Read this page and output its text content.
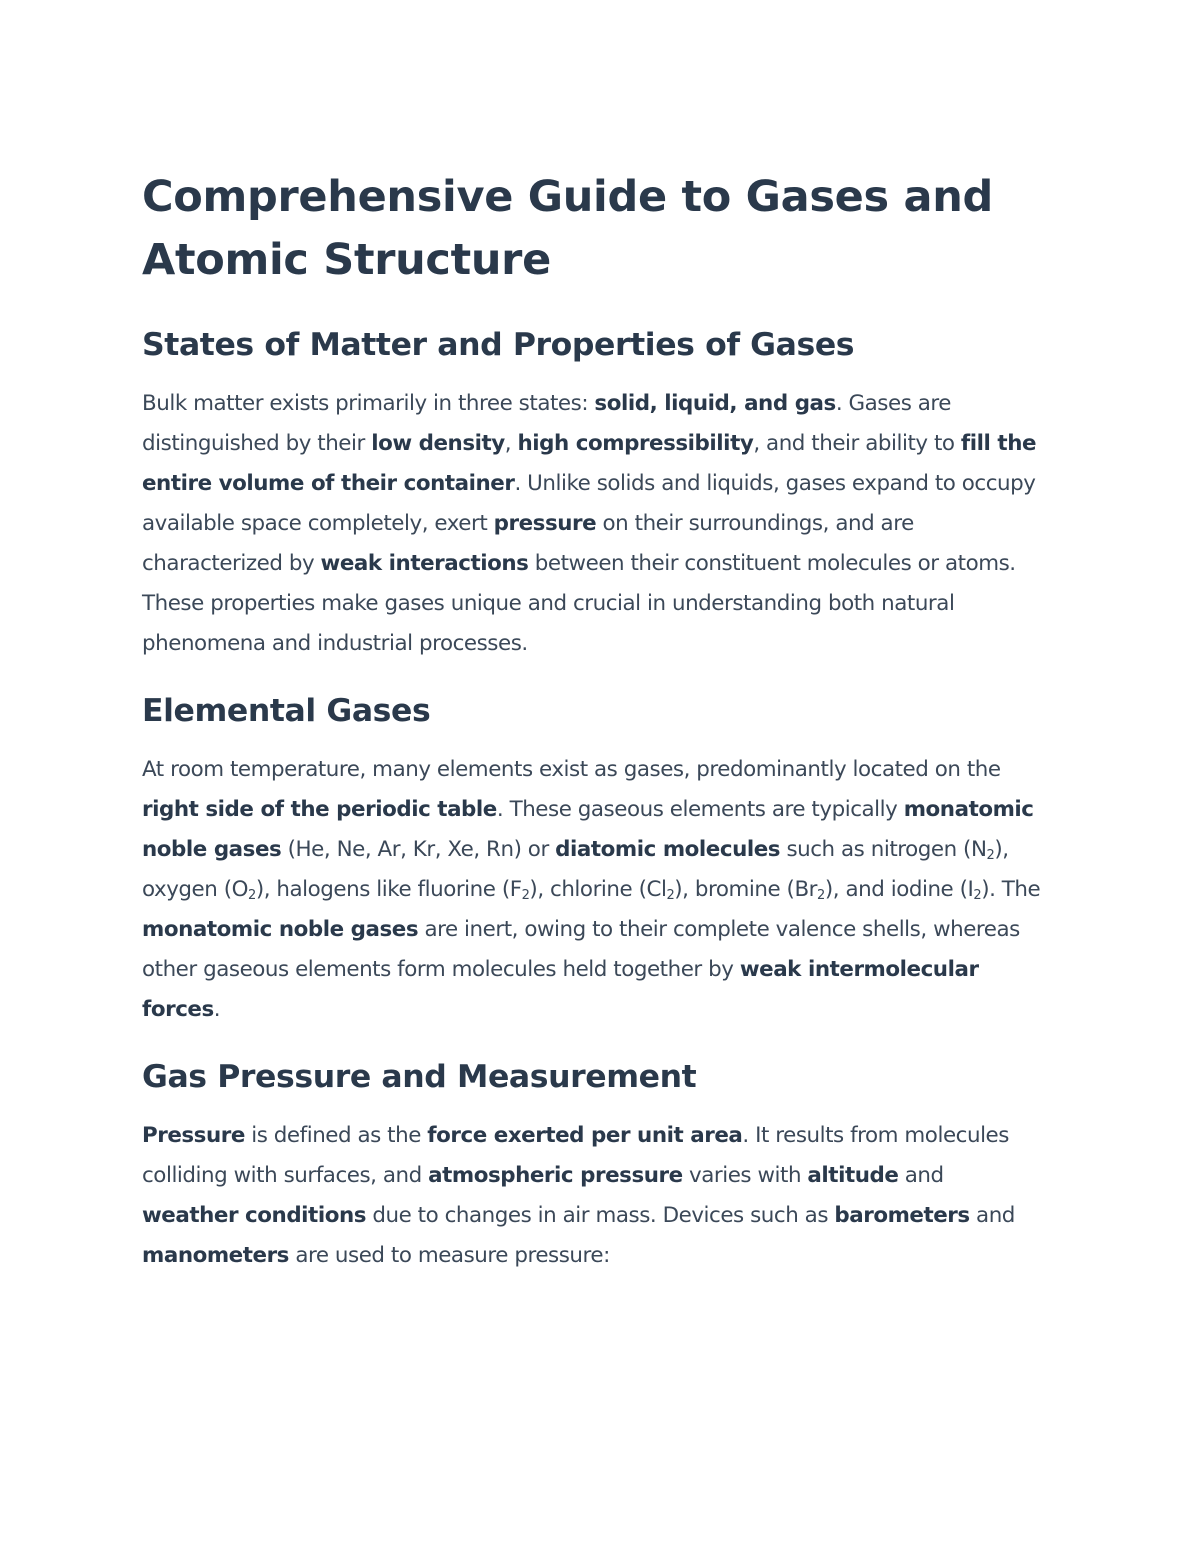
Comprehensive Guide to Gases and Atomic Structure
States of Matter and Properties of Gases

Bulk matter exists primarily in three states: solid, liquid, and gas. Gases are distinguished by their low density, high compressibility, and their ability to fill the entire volume of their container. Unlike solids and liquids, gases expand to occupy available space completely, exert pressure on their surroundings, and are characterized by weak interactions between their constituent molecules or atoms. These properties make gases unique and crucial in understanding both natural phenomena and industrial processes.

Elemental Gases

At room temperature, many elements exist as gases, predominantly located on the right side of the periodic table. These gaseous elements are typically monatomic noble gases (He, Ne, Ar, Kr, Xe, Rn) or diatomic molecules such as nitrogen $(N_2)$, oxygen $(O_2)$, halogens like fluorine $(F_2)$, chlorine $(Cl_2)$, bromine $(Br_2)$, and iodine $(I_2)$. The monatomic noble gases are inert, owing to their complete valence shells, whereas other gaseous elements form molecules held together by weak intermolecular forces.

Gas Pressure and Measurement

Pressure is defined as the force exerted per unit area. It results from molecules colliding with surfaces, and atmospheric pressure varies with altitude and weather conditions due to changes in air mass. Devices such as barometers and manometers are used to measure pressure:
